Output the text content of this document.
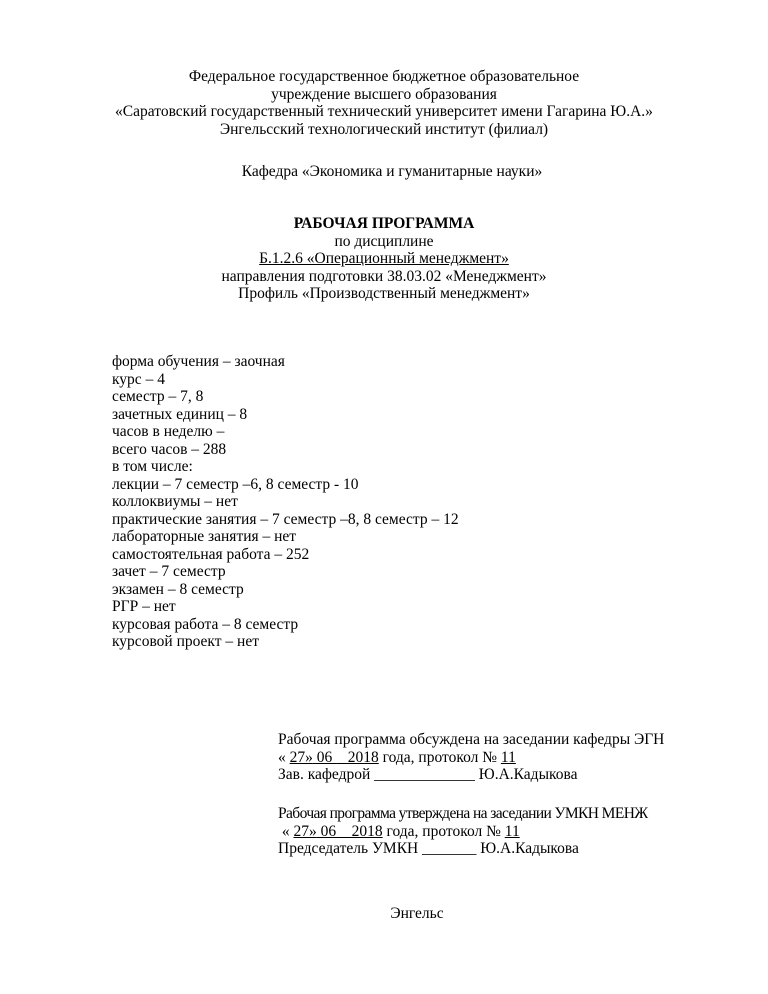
Федеральное государственное бюджетное образовательное
учреждение высшего образования
«Саратовский государственный технический университет имени Гагарина Ю.А.»
Энгельсский технологический институт (филиал)
Кафедра «Экономика и гуманитарные науки»
РАБОЧАЯ ПРОГРАММА
по дисциплине
Б.1.2.6 «Операционный менеджмент»
направления подготовки 38.03.02 «Менеджмент»
Профиль «Производственный менеджмент»
форма обучения – заочная
курс – 4
семестр – 7, 8
зачетных единиц – 8
часов в неделю –
всего часов – 288
в том числе:
лекции – 7 семестр –6, 8 семестр - 10
коллоквиумы – нет
практические занятия – 7 семестр –8, 8 семестр – 12
лабораторные занятия – нет
самостоятельная работа – 252
зачет – 7 семестр
экзамен – 8 семестр
РГР – нет
курсовая работа – 8 семестр
курсовой проект – нет
Рабочая программа обсуждена на заседании кафедры ЭГН
« 27» 06    2018 года, протокол № 11
Зав. кафедрой _____________ Ю.А.Кадыкова
Рабочая программа утверждена на заседании УМКН МЕНЖ
« 27» 06    2018 года, протокол № 11
Председатель УМКН _______ Ю.А.Кадыкова
Энгельс
